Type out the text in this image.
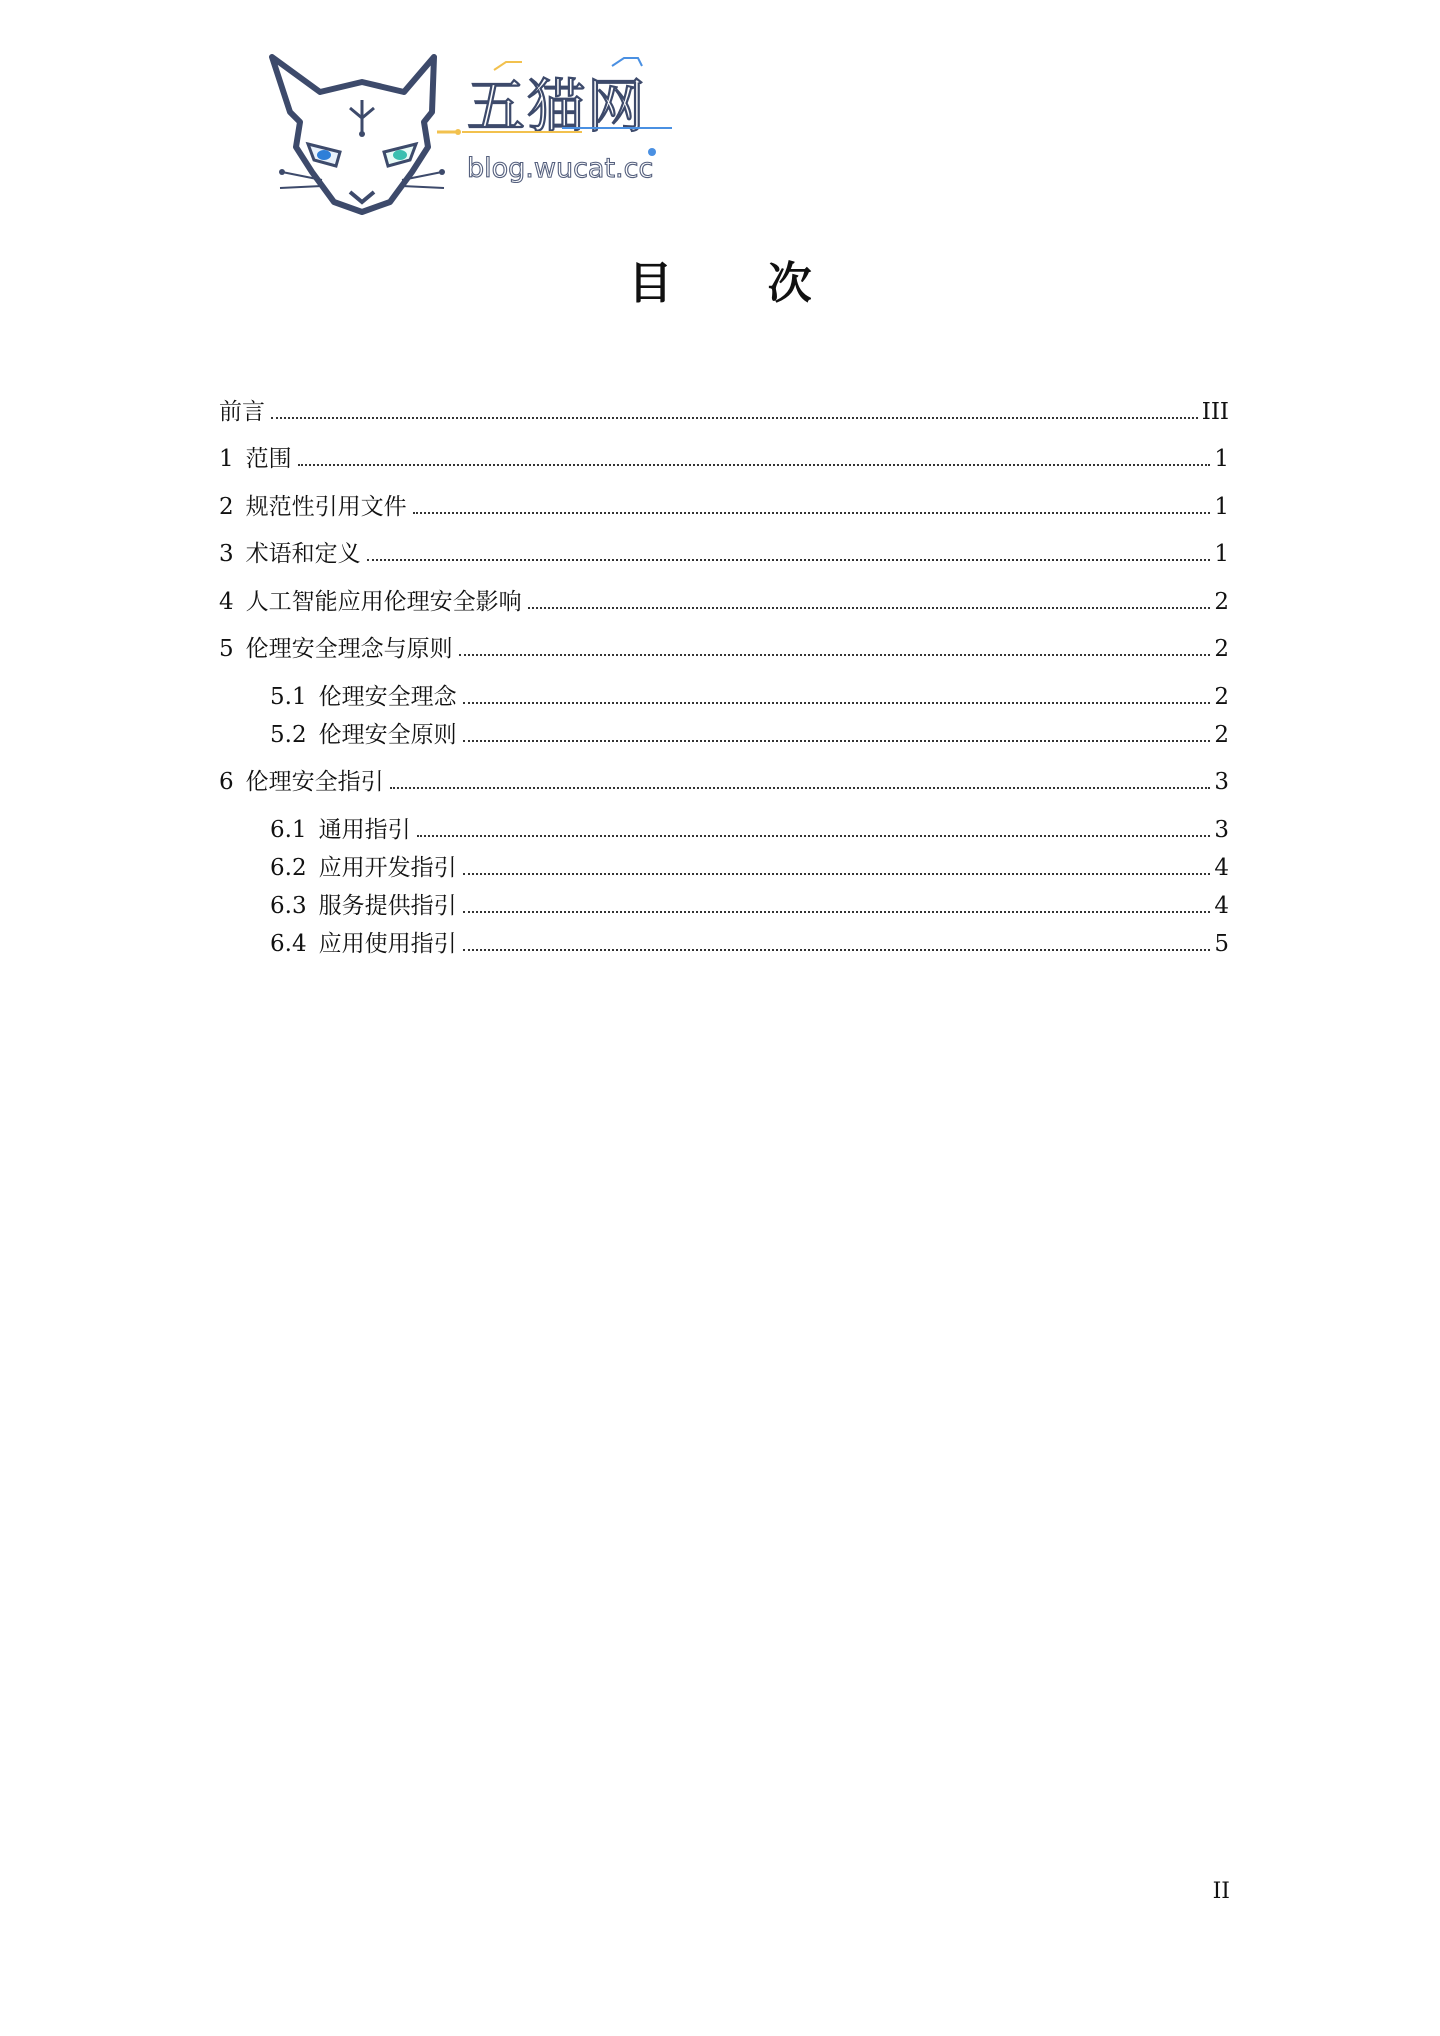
五猫网
blog.wucat.cc
目 次
前言	III
1 范围	1
2 规范性引用文件	1
3 术语和定义	1
4 人工智能应用伦理安全影响	2
5 伦理安全理念与原则	2
5.1 伦理安全理念	2
5.2 伦理安全原则	2
6 伦理安全指引	3
6.1 通用指引	3
6.2 应用开发指引	4
6.3 服务提供指引	4
6.4 应用使用指引	5
II
